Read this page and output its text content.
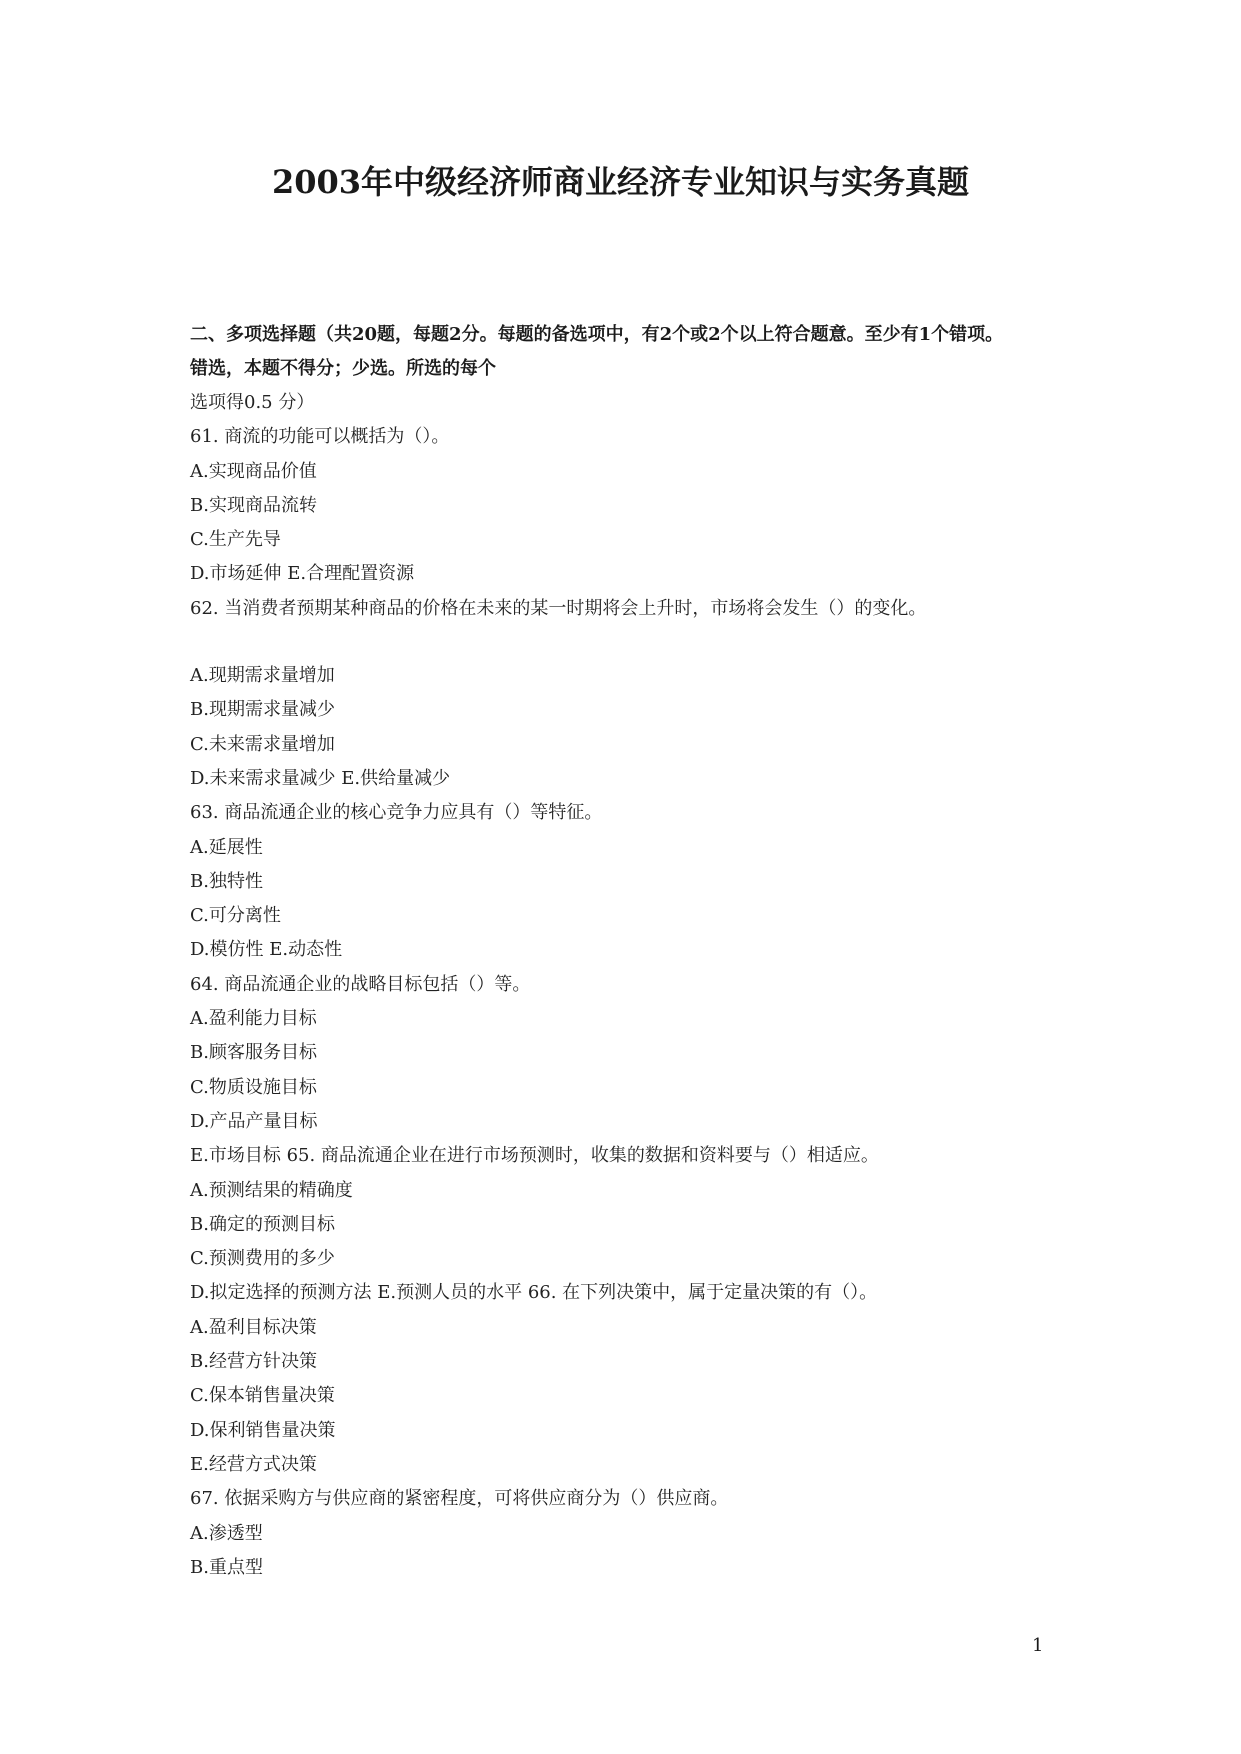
2003年中级经济师商业经济专业知识与实务真题
二、多项选择题（共20题，每题2分。每题的备选项中，有2个或2个以上符合题意。至少有1个错项。
错选，本题不得分；少选。所选的每个
选项得0.5 分）
61. 商流的功能可以概括为（）。
A.实现商品价值
B.实现商品流转
C.生产先导
D.市场延伸 E.合理配置资源
62. 当消费者预期某种商品的价格在未来的某一时期将会上升时，市场将会发生（）的变化。
A.现期需求量增加
B.现期需求量减少
C.未来需求量增加
D.未来需求量减少 E.供给量减少
63. 商品流通企业的核心竞争力应具有（）等特征。
A.延展性
B.独特性
C.可分离性
D.模仿性 E.动态性
64. 商品流通企业的战略目标包括（）等。
A.盈利能力目标
B.顾客服务目标
C.物质设施目标
D.产品产量目标
E.市场目标 65. 商品流通企业在进行市场预测时，收集的数据和资料要与（）相适应。
A.预测结果的精确度
B.确定的预测目标
C.预测费用的多少
D.拟定选择的预测方法 E.预测人员的水平 66. 在下列决策中，属于定量决策的有（）。
A.盈利目标决策
B.经营方针决策
C.保本销售量决策
D.保利销售量决策
E.经营方式决策
67. 依据采购方与供应商的紧密程度，可将供应商分为（）供应商。
A.渗透型
B.重点型
1
